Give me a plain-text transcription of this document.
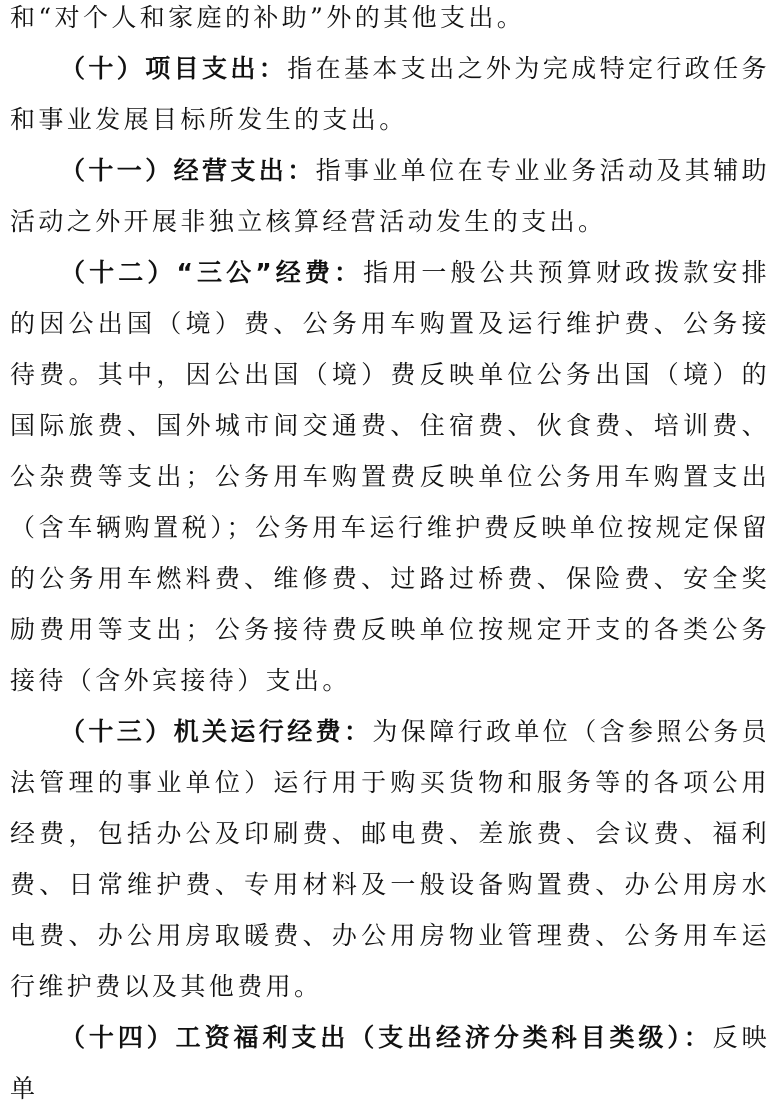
和“对个人和家庭的补助”外的其他支出。

（十）项目支出：指在基本支出之外为完成特定行政任务和事业发展目标所发生的支出。

（十一）经营支出：指事业单位在专业业务活动及其辅助活动之外开展非独立核算经营活动发生的支出。

（十二）“三公”经费：指用一般公共预算财政拨款安排的因公出国（境）费、公务用车购置及运行维护费、公务接待费。其中，因公出国（境）费反映单位公务出国（境）的国际旅费、国外城市间交通费、住宿费、伙食费、培训费、公杂费等支出；公务用车购置费反映单位公务用车购置支出（含车辆购置税）；公务用车运行维护费反映单位按规定保留的公务用车燃料费、维修费、过路过桥费、保险费、安全奖励费用等支出；公务接待费反映单位按规定开支的各类公务接待（含外宾接待）支出。

（十三）机关运行经费：为保障行政单位（含参照公务员法管理的事业单位）运行用于购买货物和服务等的各项公用经费，包括办公及印刷费、邮电费、差旅费、会议费、福利费、日常维护费、专用材料及一般设备购置费、办公用房水电费、办公用房取暖费、办公用房物业管理费、公务用车运行维护费以及其他费用。

（十四）工资福利支出（支出经济分类科目类级）：反映单
